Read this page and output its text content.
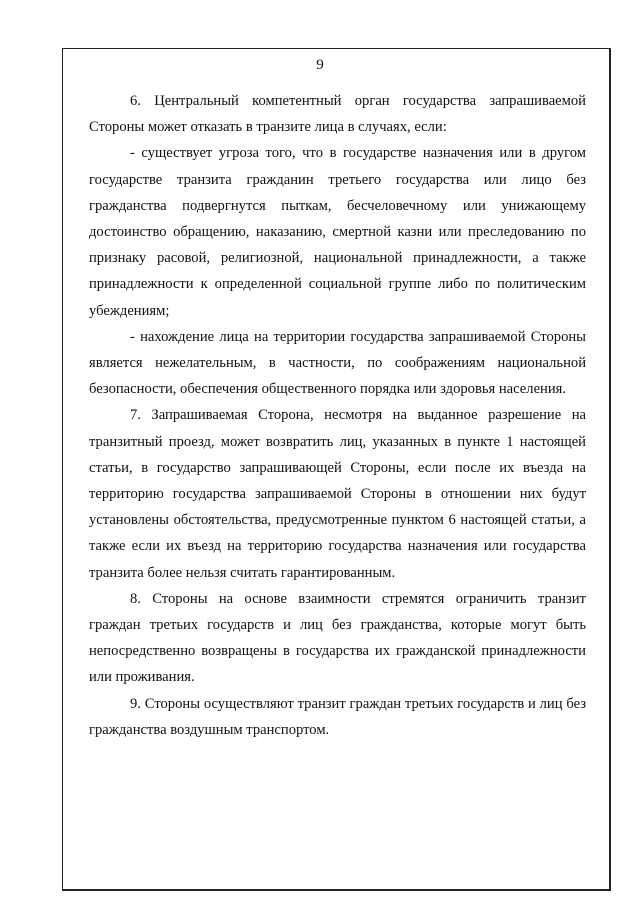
9

6. Центральный компетентный орган государства запрашиваемой Стороны может отказать в транзите лица в случаях, если:

- существует угроза того, что в государстве назначения или в другом государстве транзита гражданин третьего государства или лицо без гражданства подвергнутся пыткам, бесчеловечному или унижающему достоинство обращению, наказанию, смертной казни или преследованию по признаку расовой, религиозной, национальной принадлежности, а также принадлежности к определенной социальной группе либо по политическим убеждениям;

- нахождение лица на территории государства запрашиваемой Стороны является нежелательным, в частности, по соображениям национальной безопасности, обеспечения общественного порядка или здоровья населения.

7. Запрашиваемая Сторона, несмотря на выданное разрешение на транзитный проезд, может возвратить лиц, указанных в пункте 1 настоящей статьи, в государство запрашивающей Стороны, если после их въезда на территорию государства запрашиваемой Стороны в отношении них будут установлены обстоятельства, предусмотренные пунктом 6 настоящей статьи, а также если их въезд на территорию государства назначения или государства транзита более нельзя считать гарантированным.

8. Стороны на основе взаимности стремятся ограничить транзит граждан третьих государств и лиц без гражданства, которые могут быть непосредственно возвращены в государства их гражданской принадлежности или проживания.

9. Стороны осуществляют транзит граждан третьих государств и лиц без гражданства воздушным транспортом.
